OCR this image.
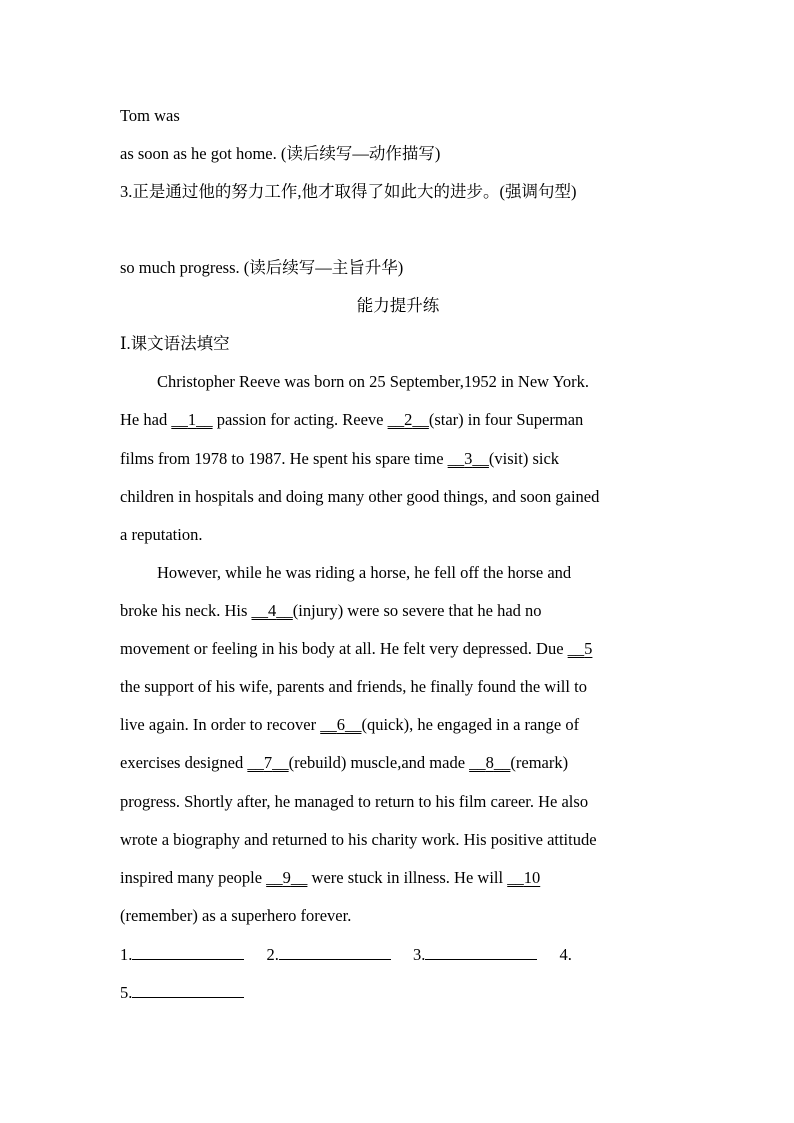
Tom was
as soon as he got home. (读后续写—动作描写)
3.正是通过他的努力工作,他才取得了如此大的进步。(强调句型)
so much progress. (读后续写—主旨升华)
能力提升练
Ⅰ.课文语法填空
Christopher Reeve was born on 25 September,1952 in New York.
He had __1__ passion for acting. Reeve __2__(star) in four Superman
films from 1978 to 1987. He spent his spare time __3__(visit) sick
children in hospitals and doing many other good things, and soon gained
a reputation.
However, while he was riding a horse, he fell off the horse and
broke his neck. His __4__(injury) were so severe that he had no
movement or feeling in his body at all. He felt very depressed. Due __5
the support of his wife, parents and friends, he finally found the will to
live again. In order to recover __6__(quick), he engaged in a range of
exercises designed __7__(rebuild) muscle,and made __8__(remark)
progress. Shortly after, he managed to return to his film career. He also
wrote a biography and returned to his charity work. His positive attitude
inspired many people __9__ were stuck in illness. He will __10
(remember) as a superhero forever.
1.	2.	3.	4.
5.
